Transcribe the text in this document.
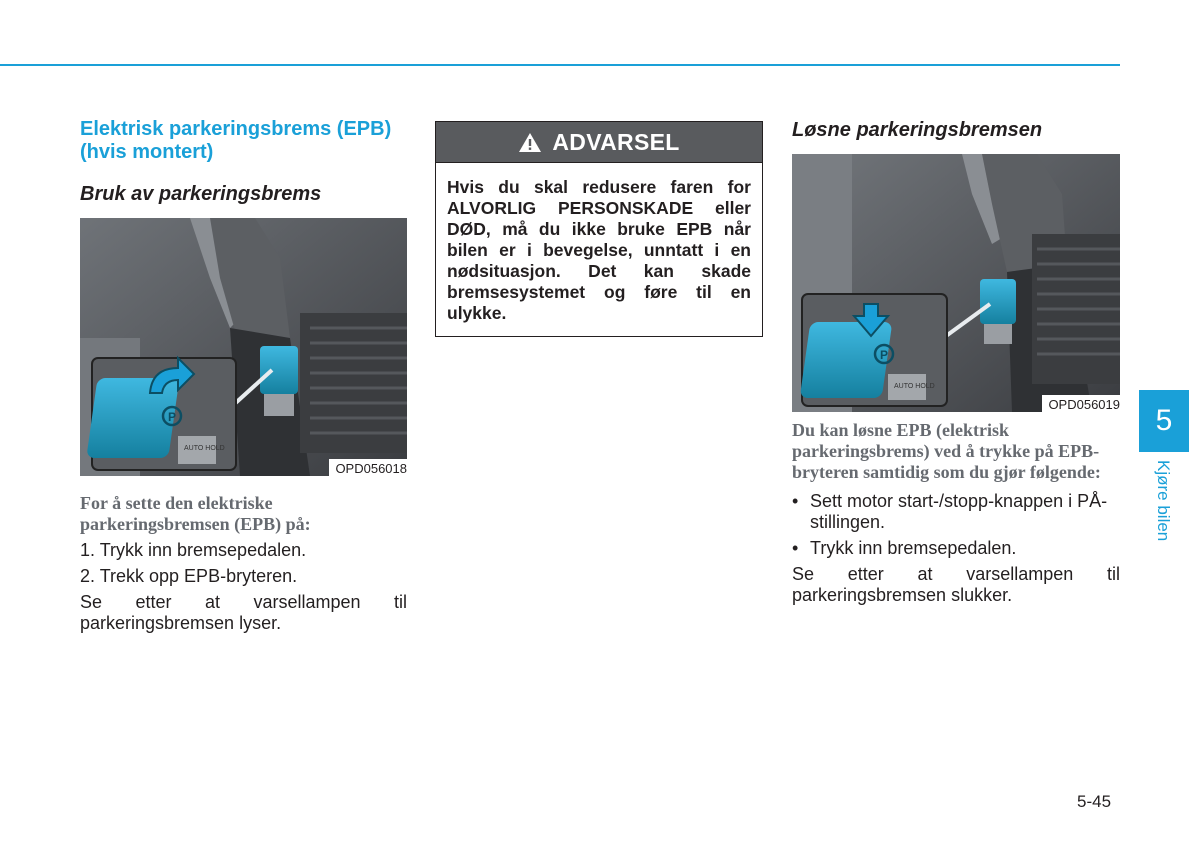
Elektrisk parkeringsbrems (EPB) (hvis montert)
Bruk av parkeringsbrems
P
AUTO HOLD
OPD056018

For å sette den elektriske parkeringsbremsen (EPB) på:

1. Trykk inn bremsepedalen.

2. Trekk opp EPB-bryteren.

Se etter at varsellampen til parkeringsbremsen lyser.

ADVARSEL
Hvis du skal redusere faren for ALVORLIG PERSONSKADE eller DØD, må du ikke bruke EPB når bilen er i bevegelse, unntatt i en nødsituasjon. Det kan skade bremsesystemet og føre til en ulykke.
Løsne parkeringsbremsen
P
AUTO HOLD
OPD056019

Du kan løsne EPB (elektrisk parkeringsbrems) ved å trykke på EPB-bryteren samtidig som du gjør følgende:

• Sett motor start-/stopp-knappen i PÅ-stillingen.
• Trykk inn bremsepedalen.

Se etter at varsellampen til parkeringsbremsen slukker.

5
Kjøre bilen
5-45
